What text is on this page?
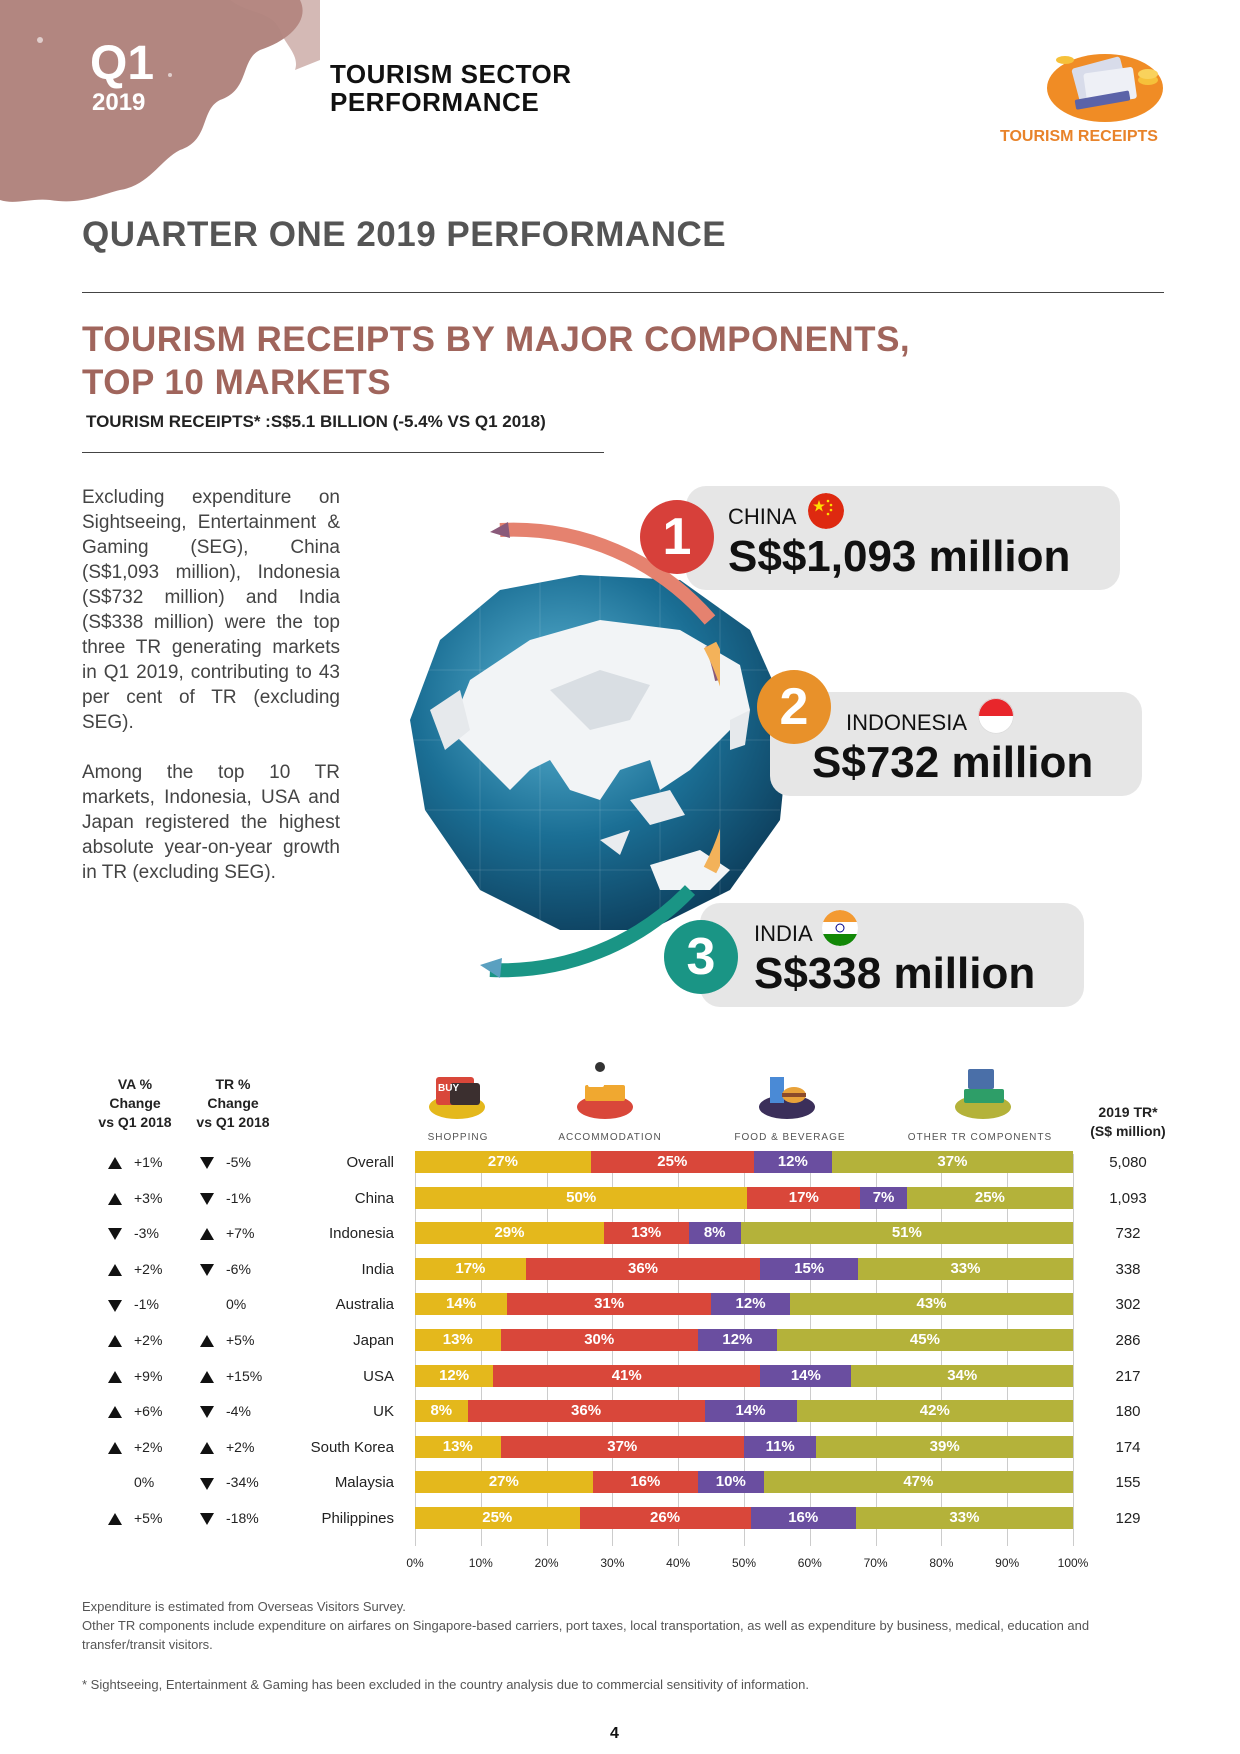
Q1
2019
TOURISM SECTOR
PERFORMANCE
TOURISM RECEIPTS
QUARTER ONE 2019 PERFORMANCE
TOURISM RECEIPTS BY MAJOR COMPONENTS,
TOP 10 MARKETS
TOURISM RECEIPTS* :S$5.1 BILLION (-5.4% VS Q1 2018)
Excluding expenditure on Sightseeing, Entertainment & Gaming (SEG), China (S$1,093 million), Indonesia (S$732 million) and India (S$338 million) were the top three TR generating markets in Q1 2019, contributing to 43 per cent of TR (excluding SEG).
Among the top 10 TR markets, Indonesia, USA and Japan registered the highest absolute year-on-year growth in TR (excluding SEG).
CHINA
S$$1,093 million
1
INDONESIA
S$732 million
2
INDIA
S$338 million
3
VA %
Change
vs Q1 2018
TR %
Change
vs Q1 2018
2019 TR*
(S$ million)
BUY
SHOPPING	ACCOMMODATION	FOOD & BEVERAGE	OTHER TR COMPONENTS
0%	10%	20%	30%	40%	50%	60%	70%	80%	90%	100%
+1%	-5%	Overall	27%	25%	12%	37%	5,080
+3%	-1%	China	50%	17%	7%	25%	1,093
-3%	+7%	Indonesia	29%	13%	8%	51%	732
+2%	-6%	India	17%	36%	15%	33%	338
-1%	0%	Australia	14%	31%	12%	43%	302
+2%	+5%	Japan	13%	30%	12%	45%	286
+9%	+15%	USA	12%	41%	14%	34%	217
+6%	-4%	UK	8%	36%	14%	42%	180
+2%	+2%	South Korea	13%	37%	11%	39%	174
0%	-34%	Malaysia	27%	16%	10%	47%	155
+5%	-18%	Philippines	25%	26%	16%	33%	129
Expenditure is estimated from Overseas Visitors Survey.
Other TR components include expenditure on airfares on Singapore-based carriers, port taxes, local transportation, as well as expenditure by business, medical, education and transfer/transit visitors.
* Sightseeing, Entertainment & Gaming has been excluded in the country analysis due to commercial sensitivity of information.
4
